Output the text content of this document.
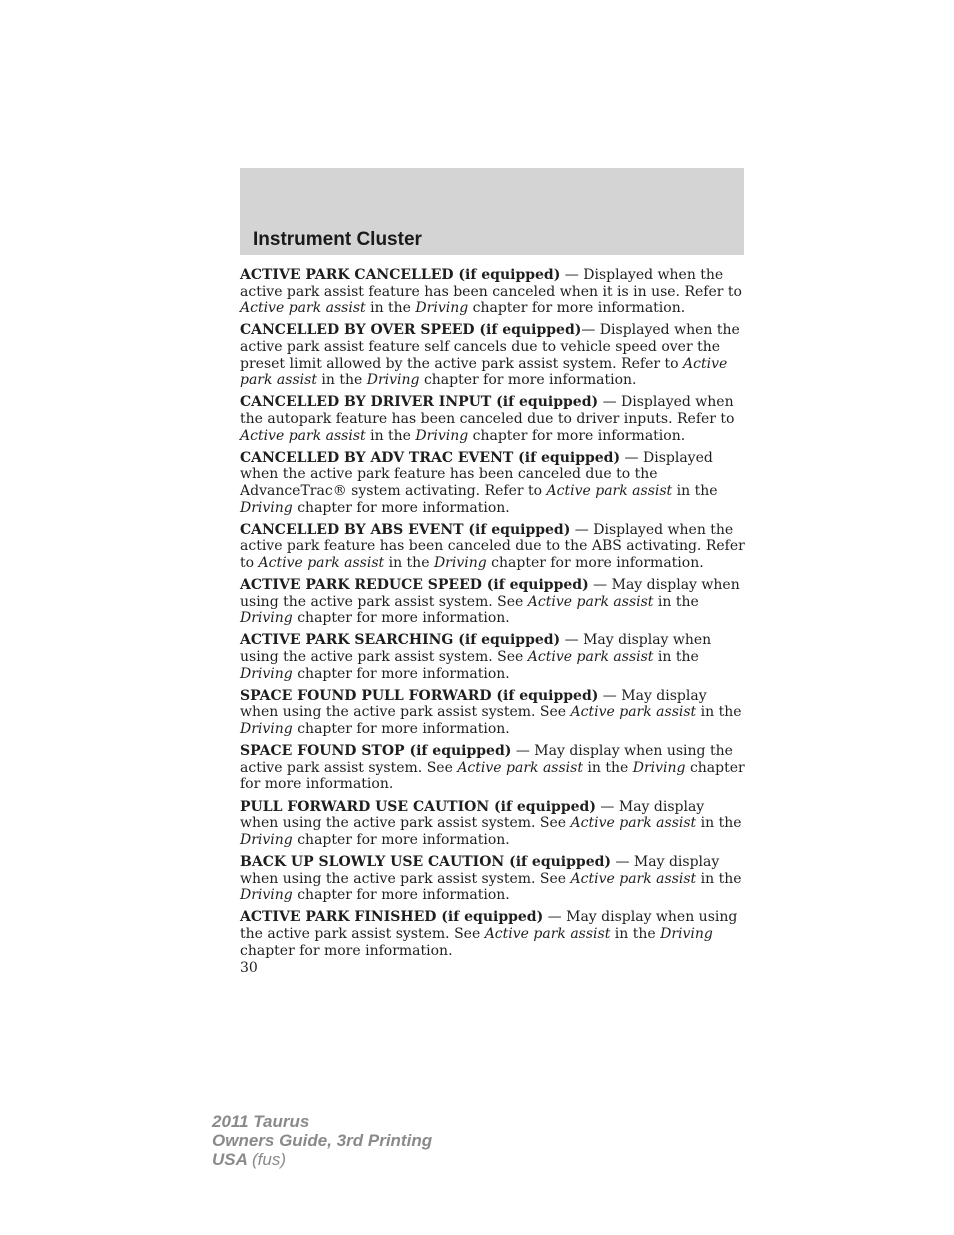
Instrument Cluster

ACTIVE PARK CANCELLED (if equipped) — Displayed when the active park assist feature has been canceled when it is in use. Refer to Active park assist in the Driving chapter for more information.

CANCELLED BY OVER SPEED (if equipped)— Displayed when the active park assist feature self cancels due to vehicle speed over the preset limit allowed by the active park assist system. Refer to Active park assist in the Driving chapter for more information.

CANCELLED BY DRIVER INPUT (if equipped) — Displayed when the autopark feature has been canceled due to driver inputs. Refer to Active park assist in the Driving chapter for more information.

CANCELLED BY ADV TRAC EVENT (if equipped) — Displayed when the active park feature has been canceled due to the AdvanceTrac® system activating. Refer to Active park assist in the Driving chapter for more information.

CANCELLED BY ABS EVENT (if equipped) — Displayed when the active park feature has been canceled due to the ABS activating. Refer to Active park assist in the Driving chapter for more information.

ACTIVE PARK REDUCE SPEED (if equipped) — May display when using the active park assist system. See Active park assist in the Driving chapter for more information.

ACTIVE PARK SEARCHING (if equipped) — May display when using the active park assist system. See Active park assist in the Driving chapter for more information.

SPACE FOUND PULL FORWARD (if equipped) — May display when using the active park assist system. See Active park assist in the Driving chapter for more information.

SPACE FOUND STOP (if equipped) — May display when using the active park assist system. See Active park assist in the Driving chapter for more information.

PULL FORWARD USE CAUTION (if equipped) — May display when using the active park assist system. See Active park assist in the Driving chapter for more information.

BACK UP SLOWLY USE CAUTION (if equipped) — May display when using the active park assist system. See Active park assist in the Driving chapter for more information.

ACTIVE PARK FINISHED (if equipped) — May display when using the active park assist system. See Active park assist in the Driving chapter for more information.

30
2011 Taurus
Owners Guide, 3rd Printing
USA (fus)
